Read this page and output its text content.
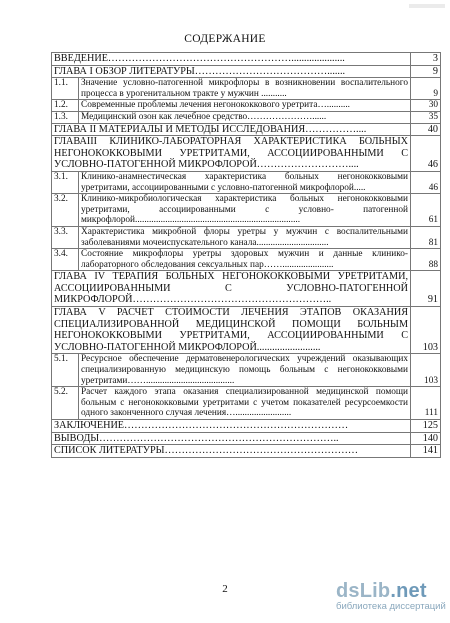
СОДЕРЖАНИЕ
ВВЕДЕНИЕ……………………………………………….....................		3
ГЛАВА I ОБЗОР ЛИТЕРАТУРЫ………………………………….......		9
1.1.	Значение условно-патогенной микрофлоры в возникновении воспалительного процесса в урогенитальном тракте у мужчин ...........	9
1.2.	Современные проблемы лечения негонококкового уретрита…..........	30
1.3.	Медицинский озон как лечебное средство…………………......	35
ГЛАВА II МАТЕРИАЛЫ И МЕТОДЫ ИССЛЕДОВАНИЯ……………....		40
ГЛАВАIII КЛИНИКО-ЛАБОРАТОРНАЯ ХАРАКТЕРИСТИКА БОЛЬНЫХ НЕГОНОКОККОВЫМИ УРЕТРИТАМИ, АССОЦИИРОВАННЫМИ С УСЛОВНО-ПАТОГЕННОЙ МИКРОФЛОРОЙ………………………....		46
3.1.	Клинико-анамнестическая характеристика больных негонококковыми уретритами, ассоциированными с условно-патогенной микрофлорой.....	46
3.2.	Клинико-микробиологическая характеристика больных негонококковыми уретритами, ассоциированными с условно- патогенной микрофлорой.......................................................................	61
3.3.	Характеристика микробной флоры уретры у мужчин с воспалительными заболеваниями мочеиспускательного канала...............................	81
3.4.	Состояние микрофлоры уретры здоровых мужчин и данные клинико-лабораторного обследования сексуальных пар……......................	88
ГЛАВА IV ТЕРАПИЯ БОЛЬНЫХ НЕГОНОКОККОВЫМИ УРЕТРИТАМИ, АССОЦИИРОВАННЫМИ С УСЛОВНО-ПАТОГЕННОЙ МИКРОФЛОРОЙ…………………………………………………..		91
ГЛАВА V РАСЧЕТ СТОИМОСТИ ЛЕЧЕНИЯ ЭТАПОВ ОКАЗАНИЯ СПЕЦИАЛИЗИРОВАННОЙ МЕДИЦИНСКОЙ ПОМОЩИ БОЛЬНЫМ НЕГОНОКОККОВЫМИ УРЕТРИТАМИ, АССОЦИИРОВАННЫМИ С УСЛОВНО-ПАТОГЕННОЙ МИКРОФЛОРОЙ.........................		103
5.1.	Ресурсное обеспечение дерматовенерологических учреждений оказывающих специализированную медицинскую помощь больным с негонококковыми уретритами……......................................	103
5.2.	Расчет каждого этапа оказания специализированной медицинской помощи больным с негонококковыми уретритами с учетом показателей ресурсоемкости одного законченного случая лечения…........................	111
ЗАКЛЮЧЕНИЕ…………………………………………………………		125
ВЫВОДЫ……………………………………………………………..		140
СПИСОК ЛИТЕРАТУРЫ…………………………………………………		141
2	dsLib.net
библиотека диссертаций
